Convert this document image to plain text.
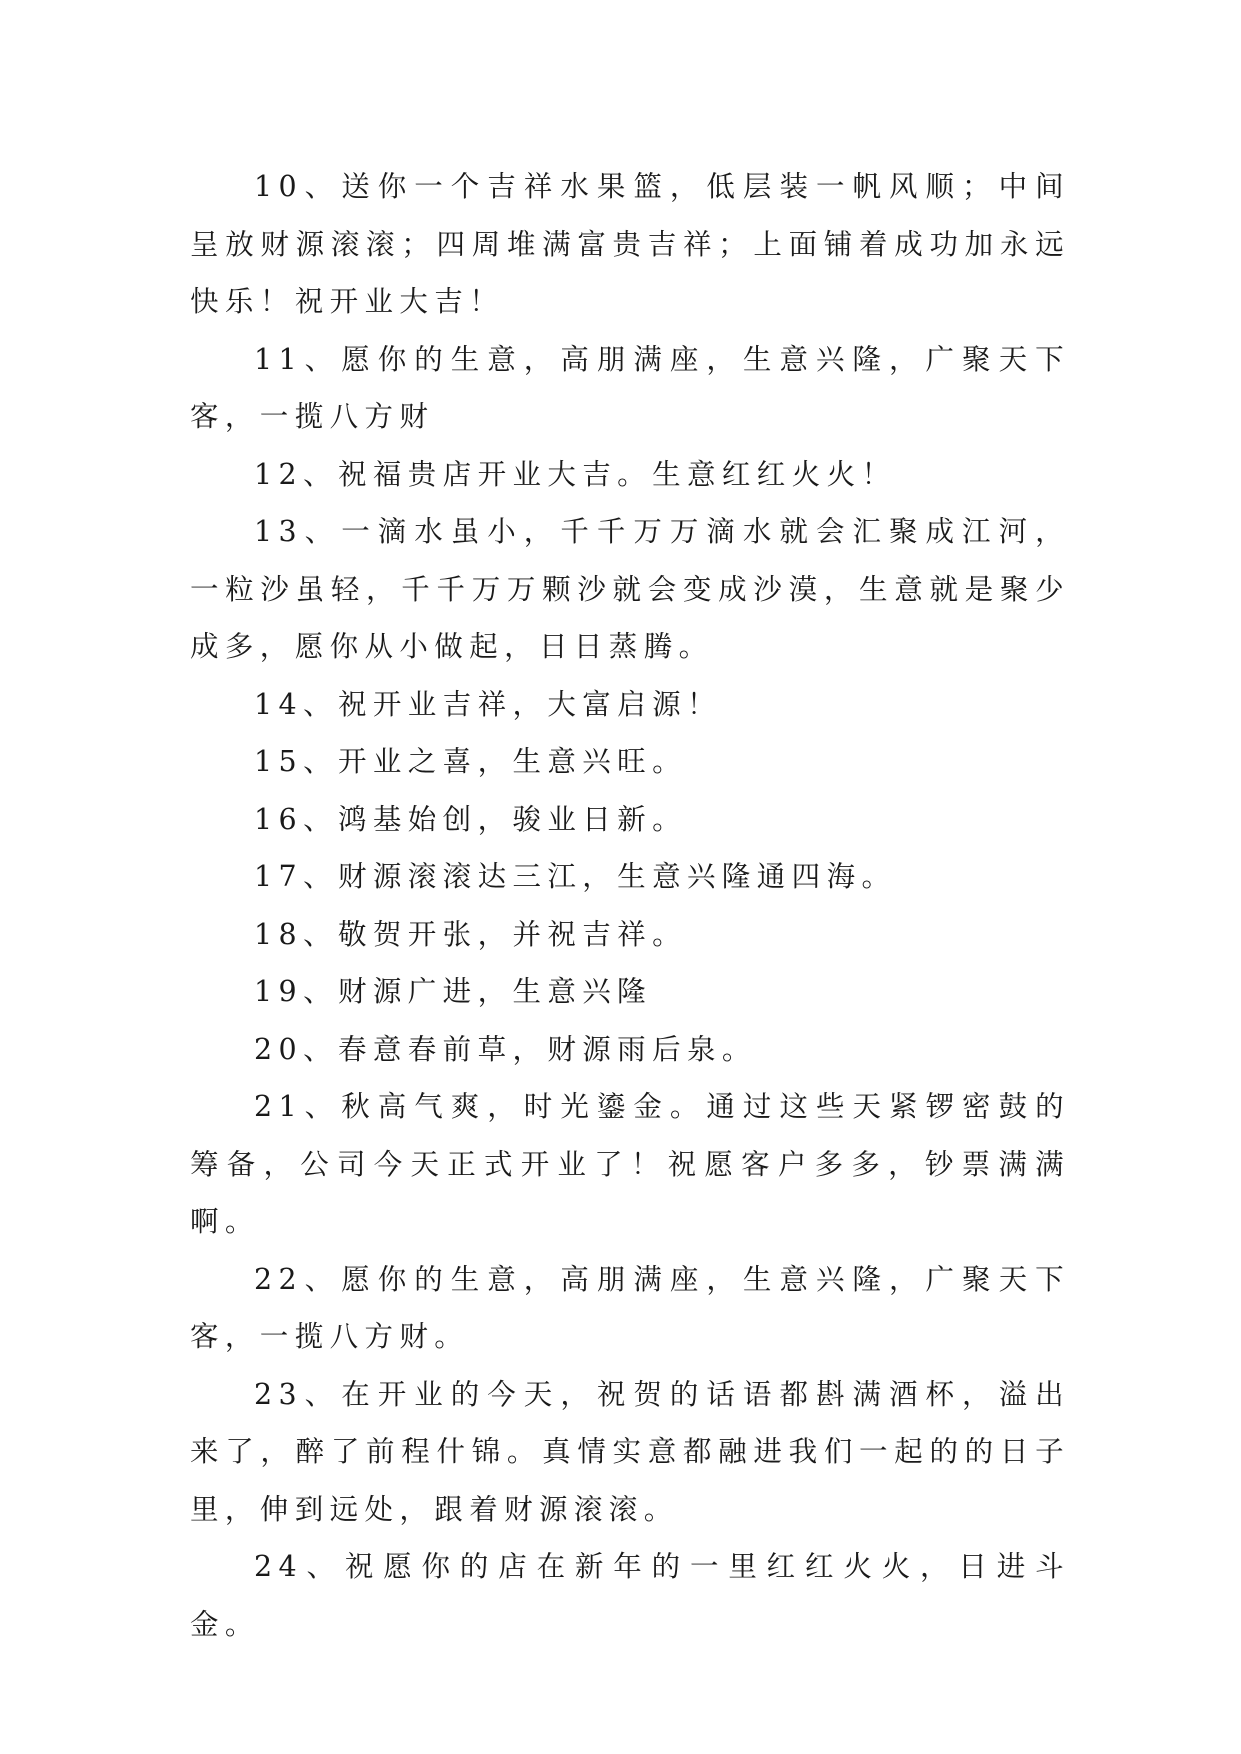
10、送你一个吉祥水果篮，低层装一帆风顺；中间呈放财源滚滚；四周堆满富贵吉祥；上面铺着成功加永远快乐！祝开业大吉！

11、愿你的生意，高朋满座，生意兴隆，广聚天下客，一揽八方财

12、祝福贵店开业大吉。生意红红火火！

13、一滴水虽小，千千万万滴水就会汇聚成江河，一粒沙虽轻，千千万万颗沙就会变成沙漠，生意就是聚少成多，愿你从小做起，日日蒸腾。

14、祝开业吉祥，大富启源！

15、开业之喜，生意兴旺。

16、鸿基始创，骏业日新。

17、财源滚滚达三江，生意兴隆通四海。

18、敬贺开张，并祝吉祥。

19、财源广进，生意兴隆

20、春意春前草，财源雨后泉。

21、秋高气爽，时光鎏金。通过这些天紧锣密鼓的筹备，公司今天正式开业了！祝愿客户多多，钞票满满啊。

22、愿你的生意，高朋满座，生意兴隆，广聚天下客，一揽八方财。

23、在开业的今天，祝贺的话语都斟满酒杯，溢出来了，醉了前程什锦。真情实意都融进我们一起的的日子里，伸到远处，跟着财源滚滚。

24、祝愿你的店在新年的一里红红火火，日进斗金。
